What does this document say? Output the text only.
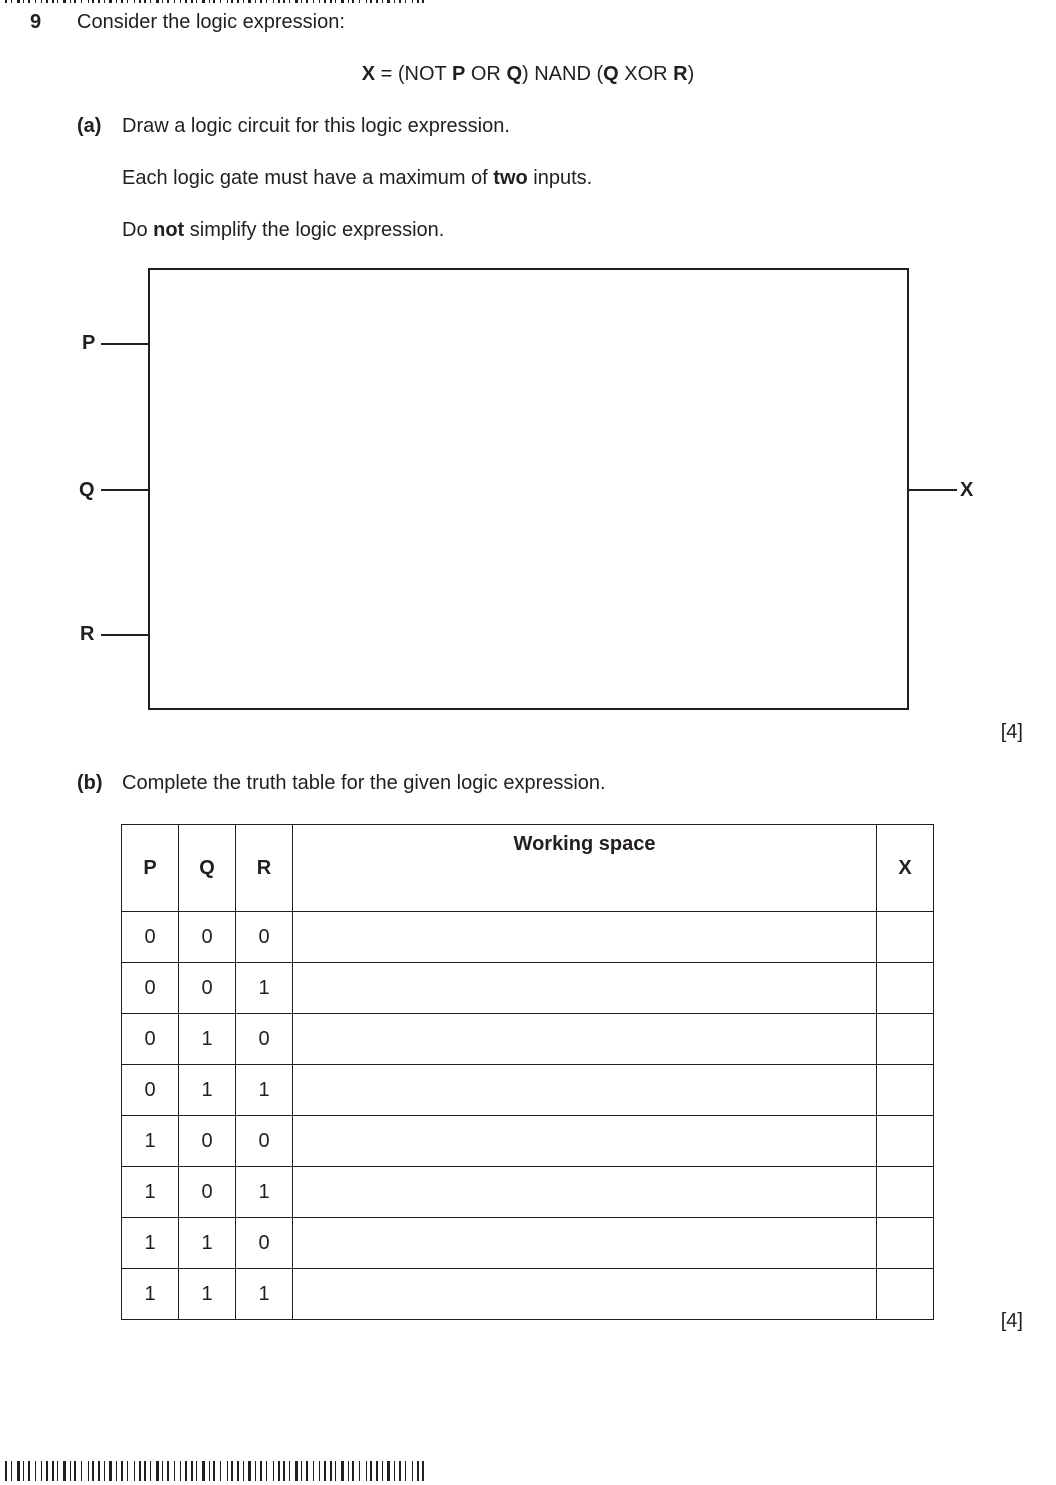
9 Consider the logic expression:
X = (NOT P OR Q) NAND (Q XOR R)
(a) Draw a logic circuit for this logic expression.
Each logic gate must have a maximum of two inputs.
Do not simplify the logic expression.
P
Q
R
X
[4]
(b) Complete the truth table for the given logic expression.
P	Q	R	Working space	X
0	0	0		
0	0	1		
0	1	0		
0	1	1		
1	0	0		
1	0	1		
1	1	0		
1	1	1		
[4]
